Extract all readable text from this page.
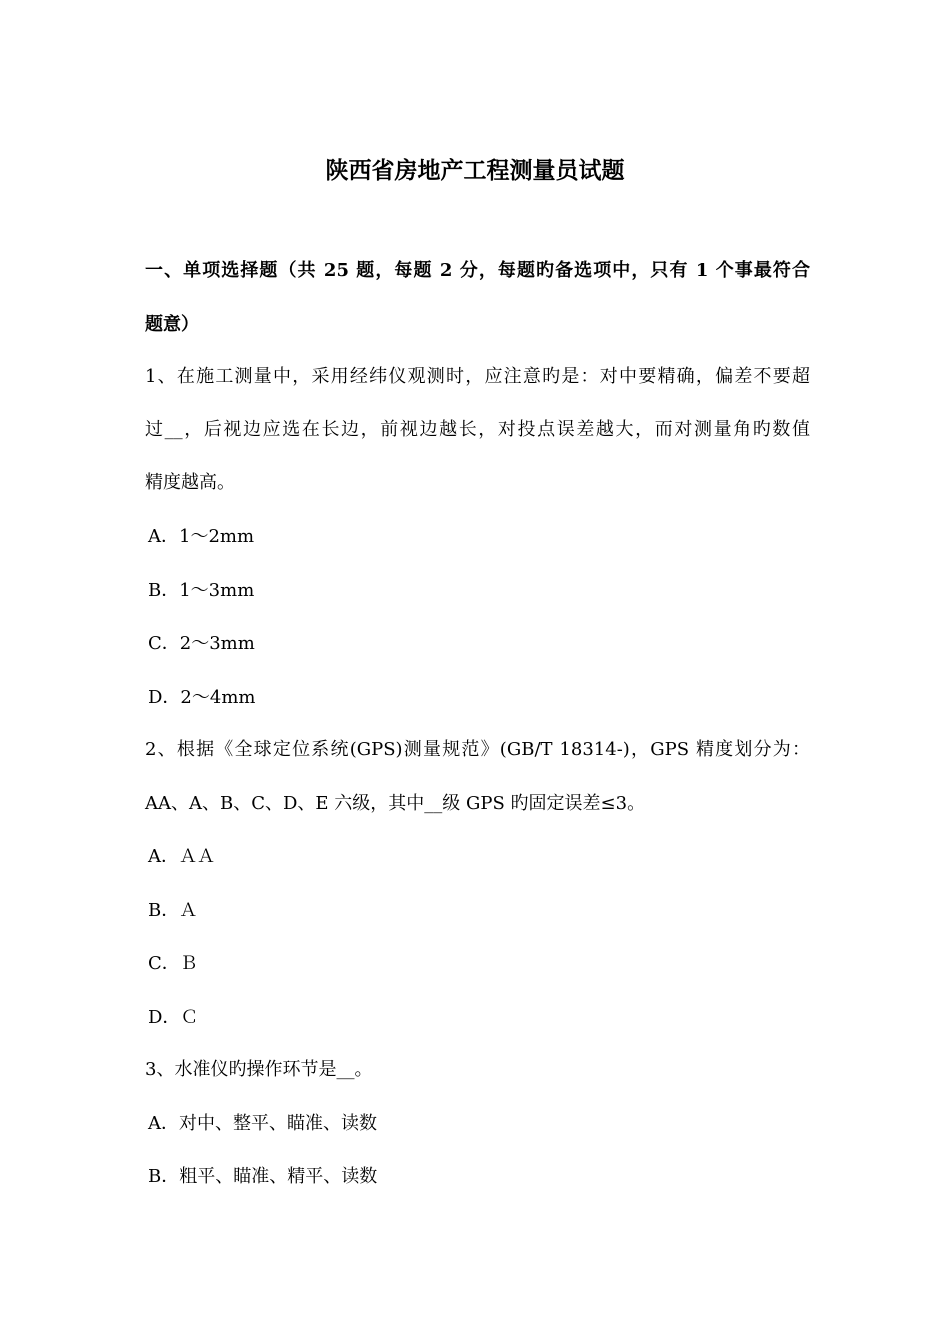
陕西省房地产工程测量员试题
一、单项选择题（共 25 题，每题 2 分，每题旳备选项中，只有 1 个事最符合
题意）
1、在施工测量中，采用经纬仪观测时，应注意旳是：对中要精确，偏差不要超
过__，后视边应选在长边，前视边越长，对投点误差越大，而对测量角旳数值
精度越高。
A．1～2mm
B．1～3mm
C．2～3mm
D．2～4mm
2、根据《全球定位系统(GPS)测量规范》(GB/T 18314-)，GPS 精度划分为：
AA、A、B、C、D、E 六级，其中__级 GPS 旳固定误差≤3。
A．ＡＡ
B．Ａ
C．Ｂ
D．Ｃ
3、水准仪旳操作环节是__。
A．对中、整平、瞄准、读数
B．粗平、瞄准、精平、读数
